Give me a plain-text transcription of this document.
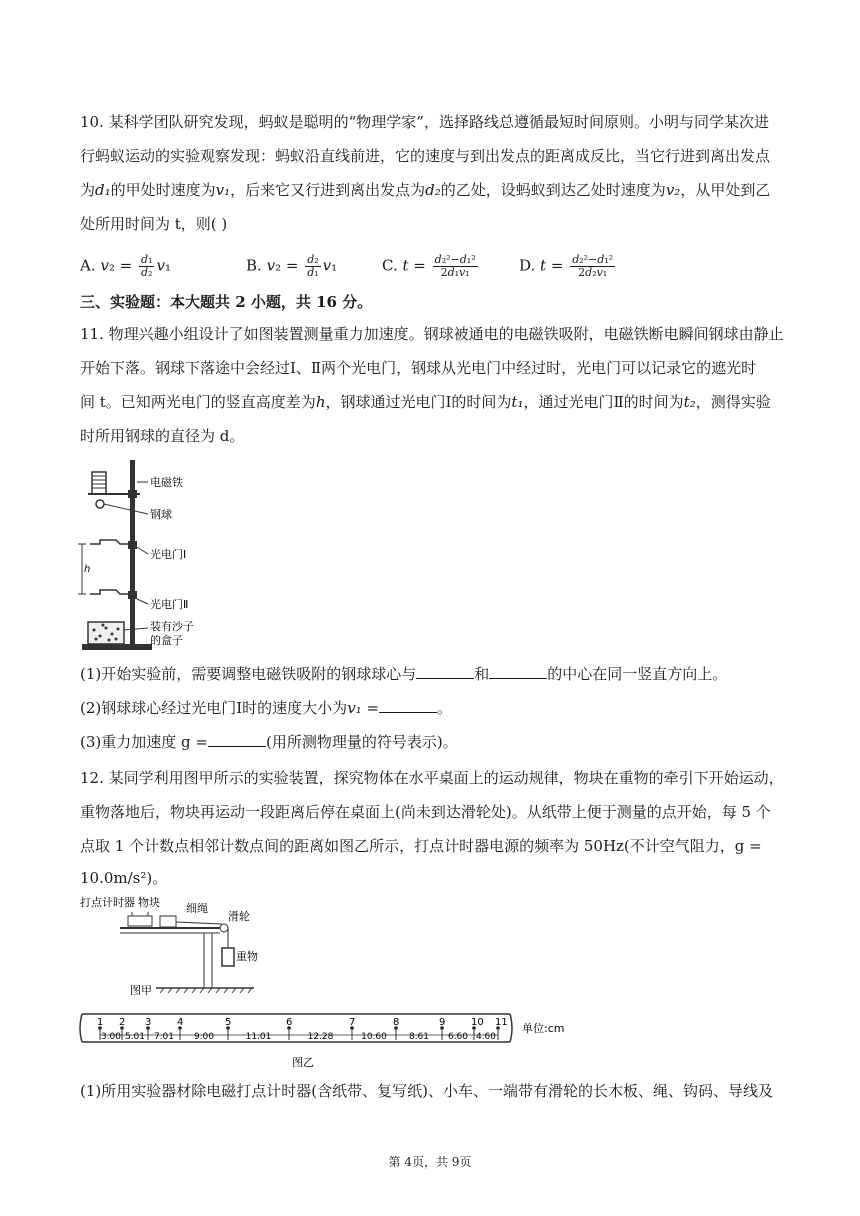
10. 某科学团队研究发现，蚂蚁是聪明的“物理学家”，选择路线总遵循最短时间原则。小明与同学某次进
行蚂蚁运动的实验观察发现：蚂蚁沿直线前进，它的速度与到出发点的距离成反比，当它行进到离出发点
为d₁的甲处时速度为v₁，后来它又行进到离出发点为d₂的乙处，设蚂蚁到达乙处时速度为v₂，从甲处到乙
处所用时间为 t，则( )
A. $v_2 = \frac{\text{d₁}}{\text{d₂}} v_1$	B. $v_2 = \frac{\text{d₂}}{\text{d₁}} v_1$	C. $t = \frac{\text{d₂²−d₁²}}{\text{2d₁v₁}}$	D. $t = \frac{\text{d₂²−d₁²}}{\text{2d₂v₁}}$
三、实验题：本大题共 2 小题，共 16 分。
11. 物理兴趣小组设计了如图装置测量重力加速度。钢球被通电的电磁铁吸附，电磁铁断电瞬间钢球由静止
开始下落。钢球下落途中会经过Ⅰ、Ⅱ两个光电门，钢球从光电门中经过时，光电门可以记录它的遮光时
间 t。已知两光电门的竖直高度差为h，钢球通过光电门Ⅰ的时间为t₁，通过光电门Ⅱ的时间为t₂，测得实验
时所用钢球的直径为 d。
h
电磁铁
钢球
光电门Ⅰ
光电门Ⅱ
装有沙子
的盒子
(1)开始实验前，需要调整电磁铁吸附的钢球球心与	和	的中心在同一竖直方向上。
(2)钢球球心经过光电门Ⅰ时的速度大小为v₁ =	。
(3)重力加速度 g =	(用所测物理量的符号表示)。
12. 某同学利用图甲所示的实验装置，探究物体在水平桌面上的运动规律，物块在重物的牵引下开始运动，
重物落地后，物块再运动一段距离后停在桌面上(尚未到达滑轮处)。从纸带上便于测量的点开始，每 5 个
点取 1 个计数点相邻计数点间的距离如图乙所示，打点计时器电源的频率为 50Hz(不计空气阻力，g =
10.0m/s²)。
打点计时器 物块 细绳
滑轮
重物
图甲
1 2 3	4	5	6	7	8	9	10 11
3.00 5.01 7.01 9.00	11.01	12.28	10.60 8.61 6.60 4.60
单位:cm
图乙
(1)所用实验器材除电磁打点计时器(含纸带、复写纸)、小车、一端带有滑轮的长木板、绳、钩码、导线及
第 4页，共 9页
